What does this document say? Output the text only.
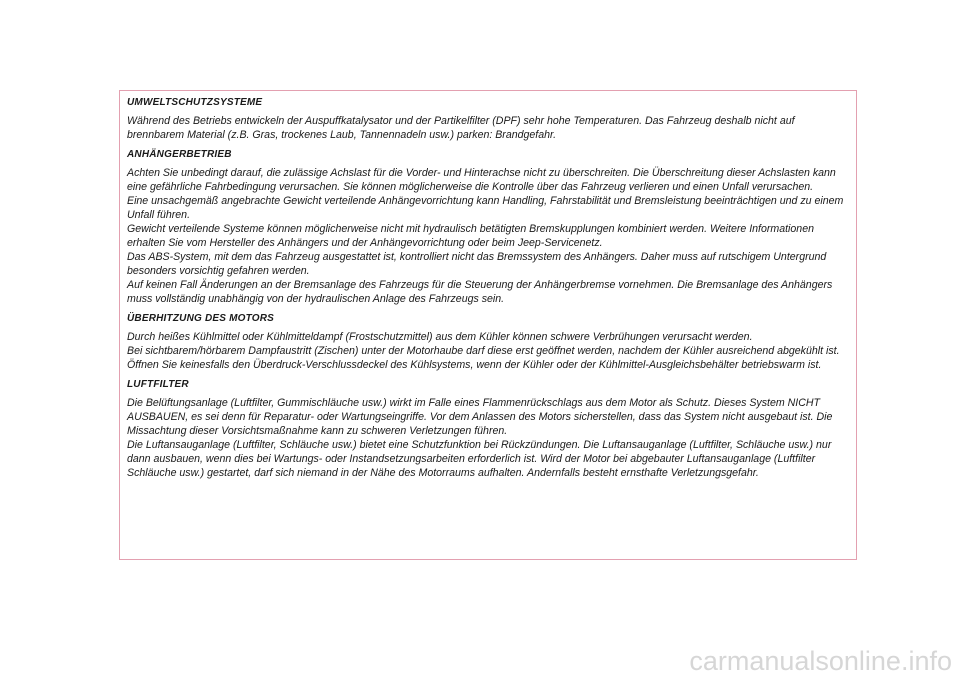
UMWELTSCHUTZSYSTEME

Während des Betriebs entwickeln der Auspuffkatalysator und der Partikelfilter (DPF) sehr hohe Temperaturen. Das Fahrzeug deshalb nicht auf brennbarem Material (z.B. Gras, trockenes Laub, Tannennadeln usw.) parken: Brandgefahr.

ANHÄNGERBETRIEB

Achten Sie unbedingt darauf, die zulässige Achslast für die Vorder- und Hinterachse nicht zu überschreiten. Die Überschreitung dieser Achslasten kann eine gefährliche Fahrbedingung verursachen. Sie können möglicherweise die Kontrolle über das Fahrzeug verlieren und einen Unfall verursachen.

Eine unsachgemäß angebrachte Gewicht verteilende Anhängevorrichtung kann Handling, Fahrstabilität und Bremsleistung beeinträchtigen und zu einem Unfall führen.

Gewicht verteilende Systeme können möglicherweise nicht mit hydraulisch betätigten Bremskupplungen kombiniert werden. Weitere Informationen erhalten Sie vom Hersteller des Anhängers und der Anhängevorrichtung oder beim Jeep-Servicenetz.

Das ABS-System, mit dem das Fahrzeug ausgestattet ist, kontrolliert nicht das Bremssystem des Anhängers. Daher muss auf rutschigem Untergrund besonders vorsichtig gefahren werden.

Auf keinen Fall Änderungen an der Bremsanlage des Fahrzeugs für die Steuerung der Anhängerbremse vornehmen. Die Bremsanlage des Anhängers muss vollständig unabhängig von der hydraulischen Anlage des Fahrzeugs sein.

ÜBERHITZUNG DES MOTORS

Durch heißes Kühlmittel oder Kühlmitteldampf (Frostschutzmittel) aus dem Kühler können schwere Verbrühungen verursacht werden.

Bei sichtbarem/hörbarem Dampfaustritt (Zischen) unter der Motorhaube darf diese erst geöffnet werden, nachdem der Kühler ausreichend abgekühlt ist. Öffnen Sie keinesfalls den Überdruck-Verschlussdeckel des Kühlsystems, wenn der Kühler oder der Kühlmittel-Ausgleichsbehälter betriebswarm ist.

LUFTFILTER

Die Belüftungsanlage (Luftfilter, Gummischläuche usw.) wirkt im Falle eines Flammenrückschlags aus dem Motor als Schutz. Dieses System NICHT AUSBAUEN, es sei denn für Reparatur- oder Wartungseingriffe. Vor dem Anlassen des Motors sicherstellen, dass das System nicht ausgebaut ist. Die Missachtung dieser Vorsichtsmaßnahme kann zu schweren Verletzungen führen.

Die Luftansauganlage (Luftfilter, Schläuche usw.) bietet eine Schutzfunktion bei Rückzündungen. Die Luftansauganlage (Luftfilter, Schläuche usw.) nur dann ausbauen, wenn dies bei Wartungs- oder Instandsetzungsarbeiten erforderlich ist. Wird der Motor bei abgebauter Luftansauganlage (Luftfilter Schläuche usw.) gestartet, darf sich niemand in der Nähe des Motorraums aufhalten. Andernfalls besteht ernsthafte Verletzungsgefahr.

carmanualsonline.info
